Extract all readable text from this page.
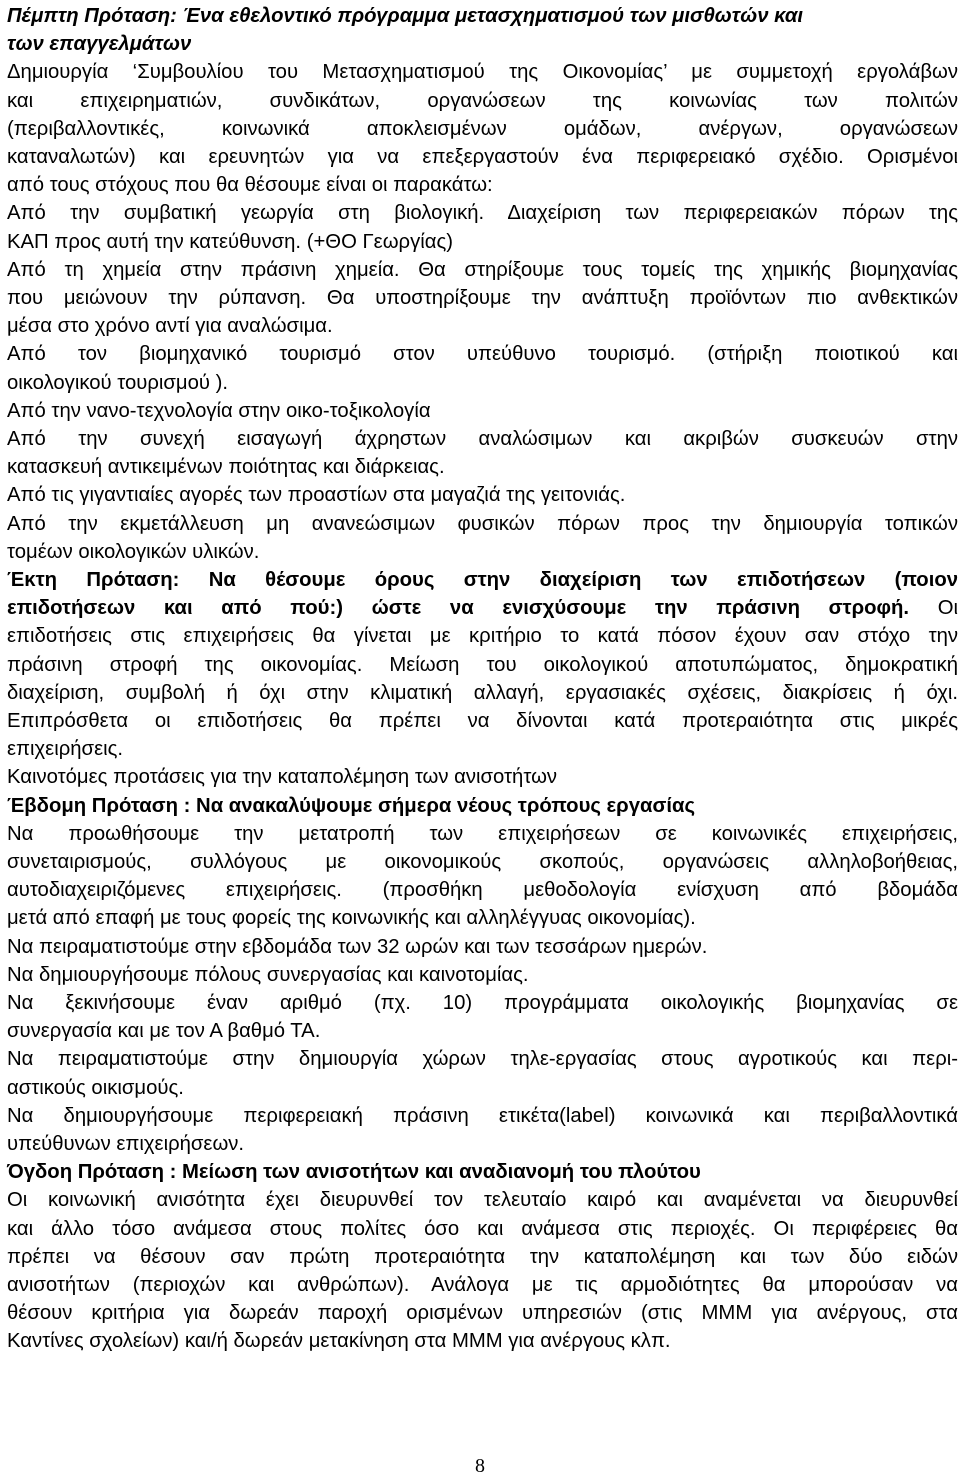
Πέμπτη Πρόταση: Ένα εθελοντικό πρόγραμμα μετασχηματισμού των μισθωτών και
των επαγγελμάτων
Δημιουργία ‘Συμβουλίου του Μετασχηματισμού της Οικονομίας’ με συμμετοχή εργολάβων
και επιχειρηματιών, συνδικάτων, οργανώσεων της κοινωνίας των πολιτών
(περιβαλλοντικές, κοινωνικά αποκλεισμένων ομάδων, ανέργων, οργανώσεων
καταναλωτών) και ερευνητών για να επεξεργαστούν ένα περιφερειακό σχέδιο. Ορισμένοι
από τους στόχους που θα θέσουμε είναι οι παρακάτω:
Από την συμβατική γεωργία στη βιολογική. Διαχείριση των περιφερειακών πόρων της
ΚΑΠ προς αυτή την κατεύθυνση. (+ΘΟ Γεωργίας)
Από τη χημεία στην πράσινη χημεία. Θα στηρίξουμε τους τομείς της χημικής βιομηχανίας
που μειώνουν την ρύπανση. Θα υποστηρίξουμε την ανάπτυξη προϊόντων πιο ανθεκτικών
μέσα στο χρόνο αντί για αναλώσιμα.
Από τον βιομηχανικό τουρισμό στον υπεύθυνο τουρισμό. (στήριξη ποιοτικού και
οικολογικού τουρισμού ).
Από την νανο-τεχνολογία στην οικο-τοξικολογία
Από την συνεχή εισαγωγή άχρηστων αναλώσιμων και ακριβών συσκευών στην
κατασκευή αντικειμένων ποιότητας και διάρκειας.
Από τις γιγαντιαίες αγορές των προαστίων στα μαγαζιά της γειτονιάς.
Από την εκμετάλλευση μη ανανεώσιμων φυσικών πόρων προς την δημιουργία τοπικών
τομέων οικολογικών υλικών.
Έκτη Πρόταση: Να θέσουμε όρους στην διαχείριση των επιδοτήσεων (ποιον
επιδοτήσεων και από πού:) ώστε να ενισχύσουμε την πράσινη στροφή. Οι
επιδοτήσεις στις επιχειρήσεις θα γίνεται με κριτήριο το κατά πόσον έχουν σαν στόχο την
πράσινη στροφή της οικονομίας. Μείωση του οικολογικού αποτυπώματος, δημοκρατική
διαχείριση, συμβολή ή όχι στην κλιματική αλλαγή, εργασιακές σχέσεις, διακρίσεις ή όχι.
Επιπρόσθετα οι επιδοτήσεις θα πρέπει να δίνονται κατά προτεραιότητα στις μικρές
επιχειρήσεις.
Καινοτόμες προτάσεις για την καταπολέμηση των ανισοτήτων
Έβδομη Πρόταση : Να ανακαλύψουμε σήμερα νέους τρόπους εργασίας
Να προωθήσουμε την μετατροπή των επιχειρήσεων σε κοινωνικές επιχειρήσεις,
συνεταιρισμούς, συλλόγους με οικονομικούς σκοπούς, οργανώσεις αλληλοβοήθειας,
αυτοδιαχειριζόμενες επιχειρήσεις. (προσθήκη μεθοδολογία ενίσχυση από βδομάδα
μετά από επαφή με τους φορείς της κοινωνικής και αλληλέγγυας οικονομίας).
Να πειραματιστούμε στην εβδομάδα των 32 ωρών και των τεσσάρων ημερών.
Να δημιουργήσουμε πόλους συνεργασίας και καινοτομίας.
Να ξεκινήσουμε έναν αριθμό (πχ. 10) προγράμματα οικολογικής βιομηχανίας σε
συνεργασία και με τον Α βαθμό ΤΑ.
Να πειραματιστούμε στην δημιουργία χώρων τηλε-εργασίας στους αγροτικούς και περι-
αστικούς οικισμούς.
Να δημιουργήσουμε περιφερειακή πράσινη ετικέτα(label) κοινωνικά και περιβαλλοντικά
υπεύθυνων επιχειρήσεων.
Όγδοη Πρόταση : Μείωση των ανισοτήτων και αναδιανομή του πλούτου
Οι κοινωνική ανισότητα έχει διευρυνθεί τον τελευταίο καιρό και αναμένεται να διευρυνθεί
και άλλο τόσο ανάμεσα στους πολίτες όσο και ανάμεσα στις περιοχές. Οι περιφέρειες θα
πρέπει να θέσουν σαν πρώτη προτεραιότητα την καταπολέμηση και των δύο ειδών
ανισοτήτων (περιοχών και ανθρώπων). Ανάλογα με τις αρμοδιότητες θα μπορούσαν να
θέσουν κριτήρια για δωρεάν παροχή ορισμένων υπηρεσιών (στις ΜΜΜ για ανέργους, στα
Καντίνες σχολείων) και/ή δωρεάν μετακίνηση στα ΜΜΜ για ανέργους κλπ.
8
